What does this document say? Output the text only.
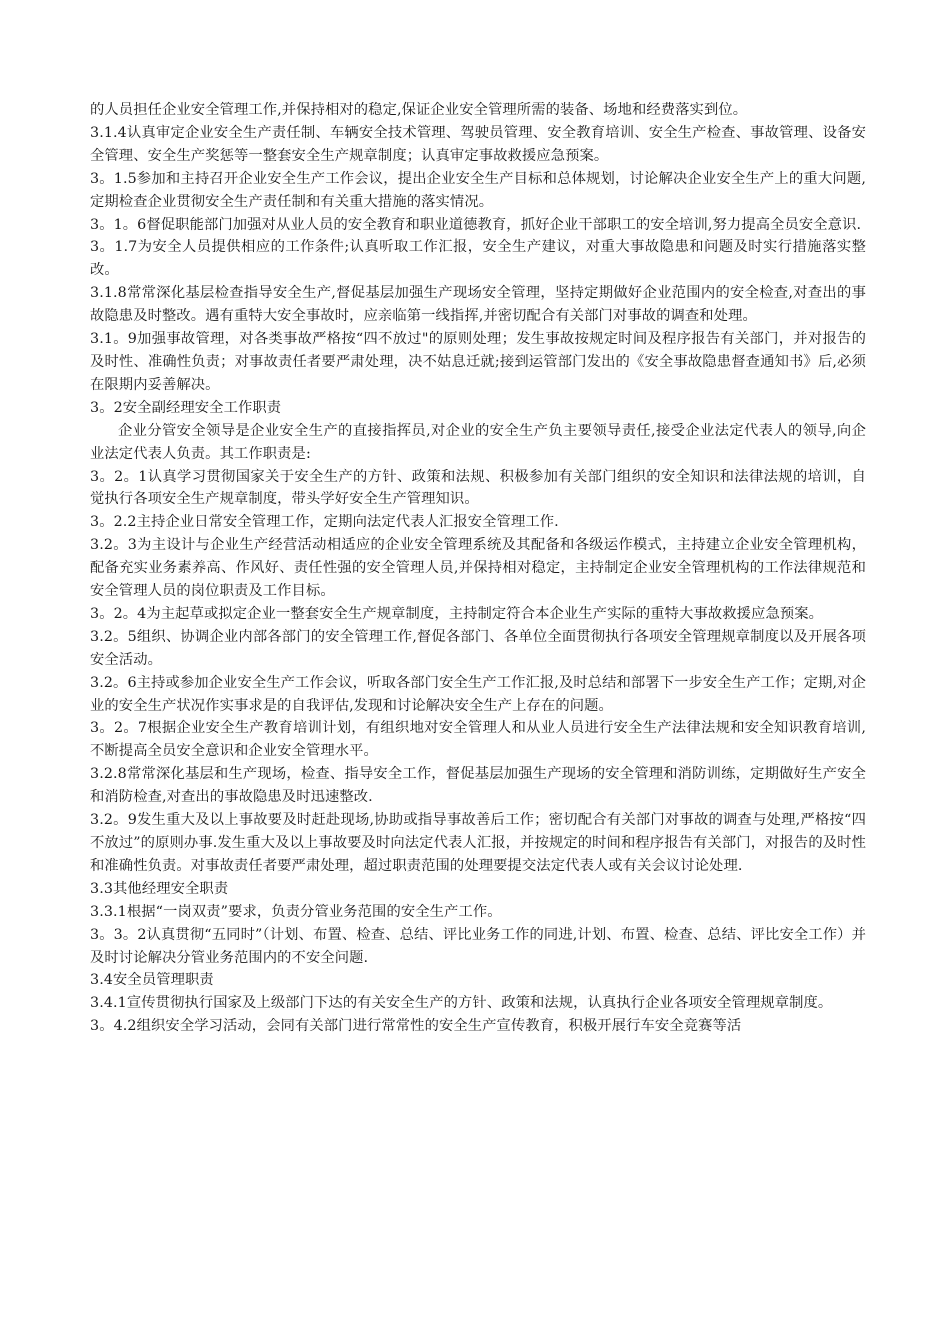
的人员担任企业安全管理工作,并保持相对的稳定,保证企业安全管理所需的装备、场地和经费落实到位。

3.1.4认真审定企业安全生产责任制、车辆安全技术管理、驾驶员管理、安全教育培训、安全生产检查、事故管理、设备安全管理、安全生产奖惩等一整套安全生产规章制度；认真审定事故救援应急预案。

3。1.5参加和主持召开企业安全生产工作会议，提出企业安全生产目标和总体规划，讨论解决企业安全生产上的重大问题,定期检查企业贯彻安全生产责任制和有关重大措施的落实情况。

3。1。6督促职能部门加强对从业人员的安全教育和职业道德教育，抓好企业干部职工的安全培训,努力提高全员安全意识.

3。1.7为安全人员提供相应的工作条件;认真听取工作汇报，安全生产建议，对重大事故隐患和问题及时实行措施落实整改。

3.1.8常常深化基层检查指导安全生产,督促基层加强生产现场安全管理，坚持定期做好企业范围内的安全检查,对查出的事故隐患及时整改。遇有重特大安全事故时，应亲临第一线指挥,并密切配合有关部门对事故的调查和处理。

3.1。9加强事故管理，对各类事故严格按“四不放过"的原则处理；发生事故按规定时间及程序报告有关部门，并对报告的及时性、准确性负责；对事故责任者要严肃处理，决不姑息迁就;接到运管部门发出的《安全事故隐患督查通知书》后,必须在限期内妥善解决。

3。2安全副经理安全工作职责

企业分管安全领导是企业安全生产的直接指挥员,对企业的安全生产负主要领导责任,接受企业法定代表人的领导,向企业法定代表人负责。其工作职责是:

3。2。1认真学习贯彻国家关于安全生产的方针、政策和法规、积极参加有关部门组织的安全知识和法律法规的培训，自觉执行各项安全生产规章制度，带头学好安全生产管理知识。

3。2.2主持企业日常安全管理工作，定期向法定代表人汇报安全管理工作.

3.2。3为主设计与企业生产经营活动相适应的企业安全管理系统及其配备和各级运作模式，主持建立企业安全管理机构，配备充实业务素养高、作风好、责任性强的安全管理人员,并保持相对稳定，主持制定企业安全管理机构的工作法律规范和安全管理人员的岗位职责及工作目标。

3。2。4为主起草或拟定企业一整套安全生产规章制度，主持制定符合本企业生产实际的重特大事故救援应急预案。

3.2。5组织、协调企业内部各部门的安全管理工作,督促各部门、各单位全面贯彻执行各项安全管理规章制度以及开展各项安全活动。

3.2。6主持或参加企业安全生产工作会议，听取各部门安全生产工作汇报,及时总结和部署下一步安全生产工作；定期,对企业的安全生产状况作实事求是的自我评估,发现和讨论解决安全生产上存在的问题。

3。2。7根据企业安全生产教育培训计划，有组织地对安全管理人和从业人员进行安全生产法律法规和安全知识教育培训,不断提高全员安全意识和企业安全管理水平。

3.2.8常常深化基层和生产现场，检查、指导安全工作，督促基层加强生产现场的安全管理和消防训练，定期做好生产安全和消防检查,对查出的事故隐患及时迅速整改.

3.2。9发生重大及以上事故要及时赶赴现场,协助或指导事故善后工作；密切配合有关部门对事故的调查与处理,严格按“四不放过”的原则办事.发生重大及以上事故要及时向法定代表人汇报，并按规定的时间和程序报告有关部门，对报告的及时性和准确性负责。对事故责任者要严肃处理，超过职责范围的处理要提交法定代表人或有关会议讨论处理.

3.3其他经理安全职责

3.3.1根据“一岗双责”要求，负责分管业务范围的安全生产工作。

3。3。2认真贯彻“五同时”（计划、布置、检查、总结、评比业务工作的同进,计划、布置、检查、总结、评比安全工作）并及时讨论解决分管业务范围内的不安全问题.

3.4安全员管理职责

3.4.1宣传贯彻执行国家及上级部门下达的有关安全生产的方针、政策和法规，认真执行企业各项安全管理规章制度。

3。4.2组织安全学习活动，会同有关部门进行常常性的安全生产宣传教育，积极开展行车安全竞赛等活
